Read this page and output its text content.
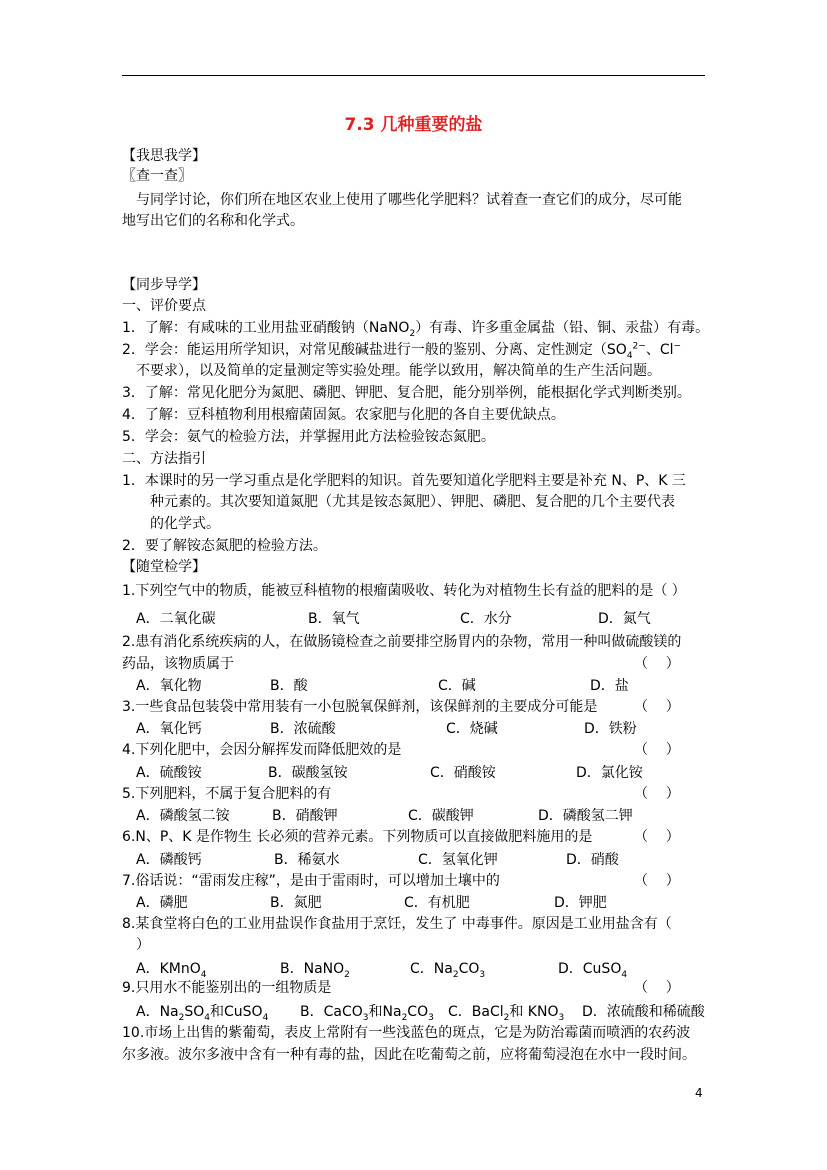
7.3 几种重要的盐
【我思我学】
〖查一查〗
与同学讨论，你们所在地区农业上使用了哪些化学肥料？试着查一查它们的成分，尽可能
地写出它们的名称和化学式。
【同步导学】
一、评价要点
1．了解：有咸味的工业用盐亚硝酸钠（NaNO$_2$）有毒、许多重金属盐（铅、铜、汞盐）有毒。
2．学会：能运用所学知识，对常见酸碱盐进行一般的鉴别、分离、定性测定（$SO_4^{2-}$、Cl−
不要求），以及简单的定量测定等实验处理。能学以致用，解决简单的生产生活问题。
3．了解：常见化肥分为氮肥、磷肥、钾肥、复合肥，能分别举例，能根据化学式判断类别。
4．了解：豆科植物利用根瘤菌固氮。农家肥与化肥的各自主要优缺点。
5．学会：氨气的检验方法，并掌握用此方法检验铵态氮肥。
二、方法指引
1．本课时的另一学习重点是化学肥料的知识。首先要知道化学肥料主要是补充 N、P、K 三
种元素的。其次要知道氮肥（尤其是铵态氮肥）、钾肥、磷肥、复合肥的几个主要代表
的化学式。
2．要了解铵态氮肥的检验方法。
【随堂检学】
1.下列空气中的物质，能被豆科植物的根瘤菌吸收、转化为对植物生长有益的肥料的是（ ）
A．二氧化碳	B．氧气	C．水分	D．氮气
2.患有消化系统疾病的人，在做肠镜检查之前要排空肠胃内的杂物，常用一种叫做硫酸镁的
药品，该物质属于	（    ）
A．氧化物	B．酸	C．碱	D．盐
3.一些食品包装袋中常用装有一小包脱氧保鲜剂，该保鲜剂的主要成分可能是	（    ）
A．氧化钙	B．浓硫酸	C．烧碱	D．铁粉
4.下列化肥中，会因分解挥发而降低肥效的是	（    ）
A．硫酸铵	B．碳酸氢铵	C．硝酸铵	D．氯化铵
5.下列肥料，不属于复合肥料的有	（    ）
A．磷酸氢二铵	B．硝酸钾	C．碳酸钾	D．磷酸氢二钾
6.N、P、K 是作物生 长必须的营养元素。下列物质可以直接做肥料施用的是	（    ）
A．磷酸钙	B．稀氨水	C．氢氧化钾	D．硝酸
7.俗话说：“雷雨发庄稼”，是由于雷雨时，可以增加土壤中的	（    ）
A．磷肥	B．氮肥	C．有机肥	D．钾肥
8.某食堂将白色的工业用盐误作食盐用于烹饪，发生了 中毒事件。原因是工业用盐含有（
）
A．KMnO$_4$	B．NaNO$_2$	C．$Na_2CO_3$	D．CuSO$_4$
9.只用水不能鉴别出的一组物质是	（    ）
A．$Na_2SO_4$和CuSO$_4$ B．CaCO$_3$和$Na_2CO_3$ C．BaCl$_2$和 $KNO_3$ D．浓硫酸和稀硫酸
10.市场上出售的紫葡萄，表皮上常附有一些浅蓝色的斑点，它是为防治霉菌而喷洒的农药波
尔多液。波尔多液中含有一种有毒的盐，因此在吃葡萄之前，应将葡萄浸泡在水中一段时间。
4
